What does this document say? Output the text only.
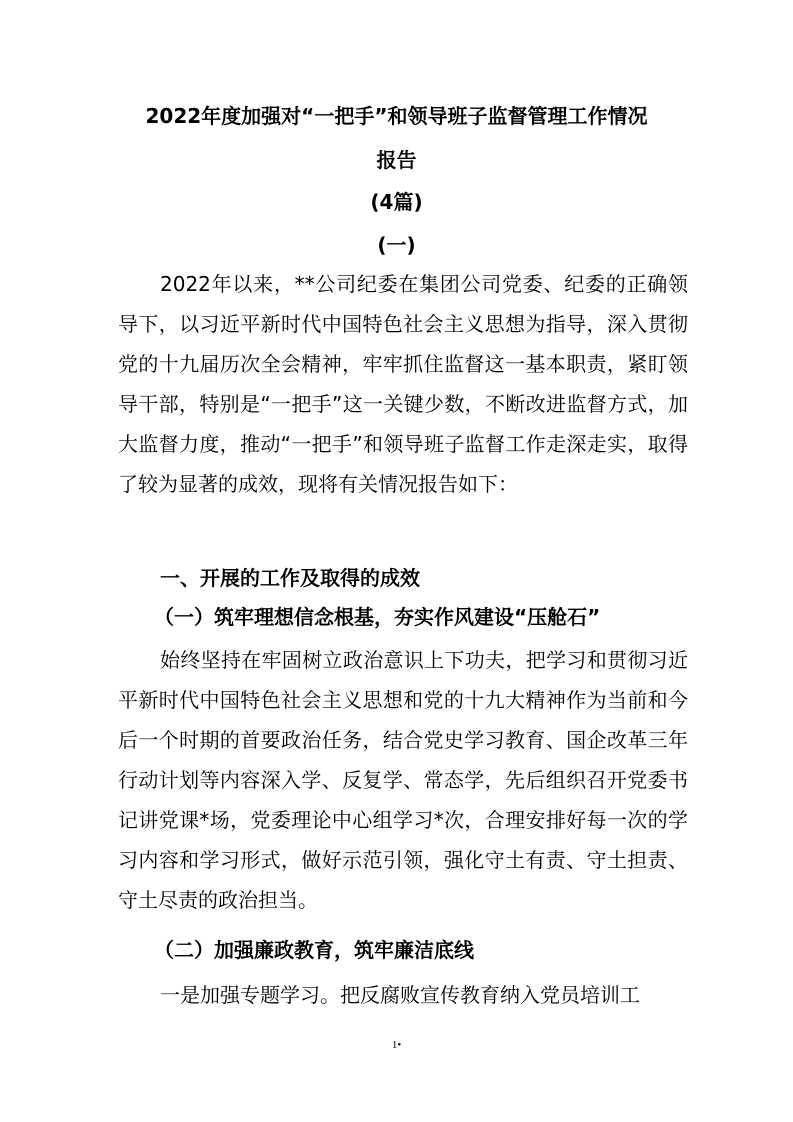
2022年度加强对“一把手”和领导班子监督管理工作情况
报告
(4篇)
(一)
2022年以来，**公司纪委在集团公司党委、纪委的正确领导下，以习近平新时代中国特色社会主义思想为指导，深入贯彻党的十九届历次全会精神，牢牢抓住监督这一基本职责，紧盯领导干部，特别是“一把手”这一关键少数，不断改进监督方式，加大监督力度，推动“一把手”和领导班子监督工作走深走实，取得了较为显著的成效，现将有关情况报告如下：
一、开展的工作及取得的成效
（一）筑牢理想信念根基，夯实作风建设“压舱石”
始终坚持在牢固树立政治意识上下功夫，把学习和贯彻习近平新时代中国特色社会主义思想和党的十九大精神作为当前和今后一个时期的首要政治任务，结合党史学习教育、国企改革三年行动计划等内容深入学、反复学、常态学，先后组织召开党委书记讲党课*场，党委理论中心组学习*次，合理安排好每一次的学习内容和学习形式，做好示范引领，强化守土有责、守土担责、守土尽责的政治担当。
（二）加强廉政教育，筑牢廉洁底线
一是加强专题学习。把反腐败宣传教育纳入党员培训工
1•
